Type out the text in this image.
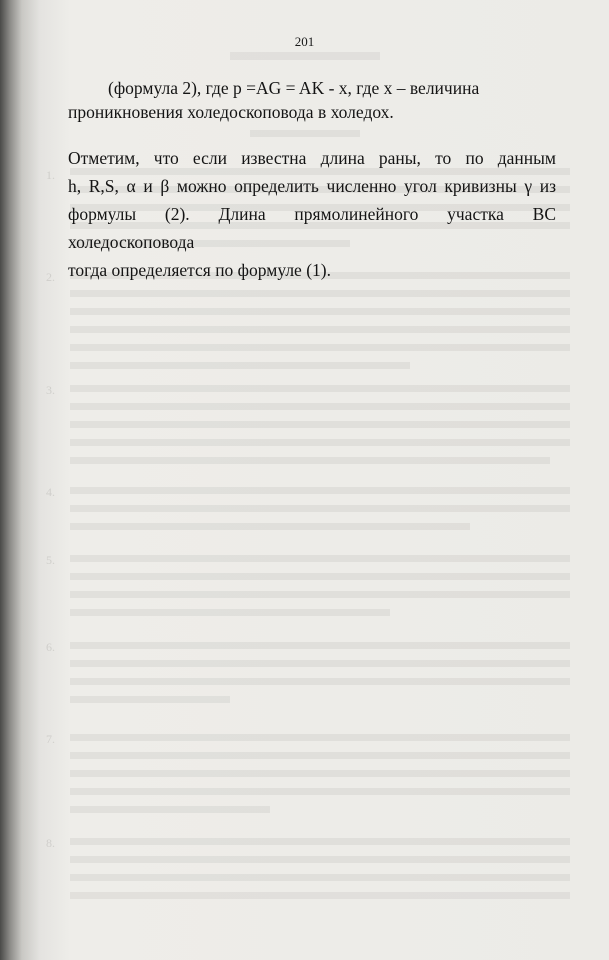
1.
2.
3.
4.
5.
6.
7.
8.
201
(формула 2), где р =AG = AK - x, где х – величина
проникновения холедоскоповода в холедох.
Отметим, что если известна длина раны, то по данным
h, R,S, α и β можно определить численно угол кривизны γ из
формулы (2). Длина прямолинейного участка ВС холедоскоповода
тогда определяется по формуле (1).
